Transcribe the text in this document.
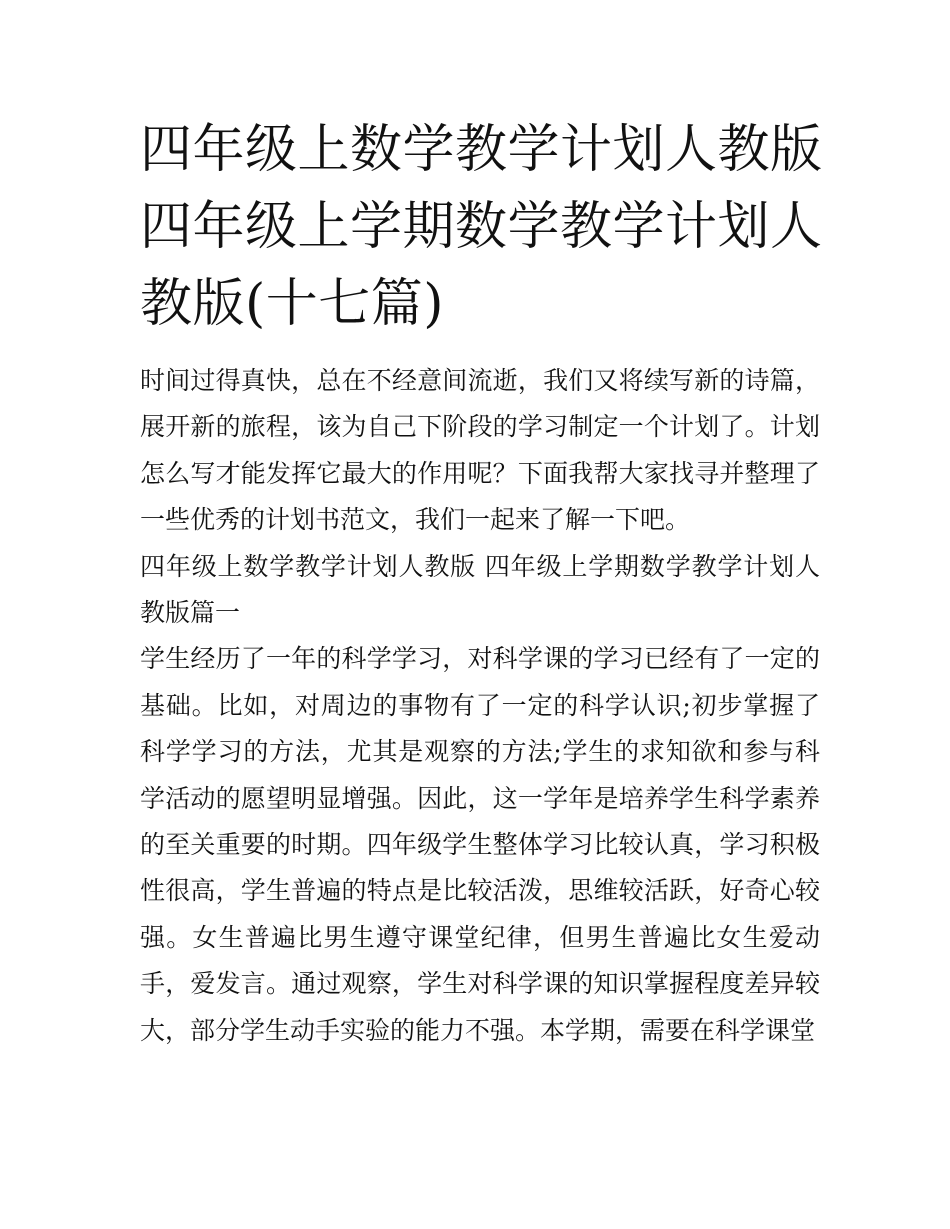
四年级上数学教学计划人教版 四年级上学期数学教学计划人教版(十七篇)

时间过得真快，总在不经意间流逝，我们又将续写新的诗篇，展开新的旅程，该为自己下阶段的学习制定一个计划了。计划怎么写才能发挥它最大的作用呢？下面我帮大家找寻并整理了一些优秀的计划书范文，我们一起来了解一下吧。

四年级上数学教学计划人教版 四年级上学期数学教学计划人教版篇一

学生经历了一年的科学学习，对科学课的学习已经有了一定的基础。比如，对周边的事物有了一定的科学认识;初步掌握了科学学习的方法，尤其是观察的方法;学生的求知欲和参与科学活动的愿望明显增强。因此，这一学年是培养学生科学素养的至关重要的时期。四年级学生整体学习比较认真，学习积极性很高，学生普遍的特点是比较活泼，思维较活跃，好奇心较强。女生普遍比男生遵守课堂纪律，但男生普遍比女生爱动手，爱发言。通过观察，学生对科学课的知识掌握程度差异较大，部分学生动手实验的能力不强。本学期，需要在科学课堂
